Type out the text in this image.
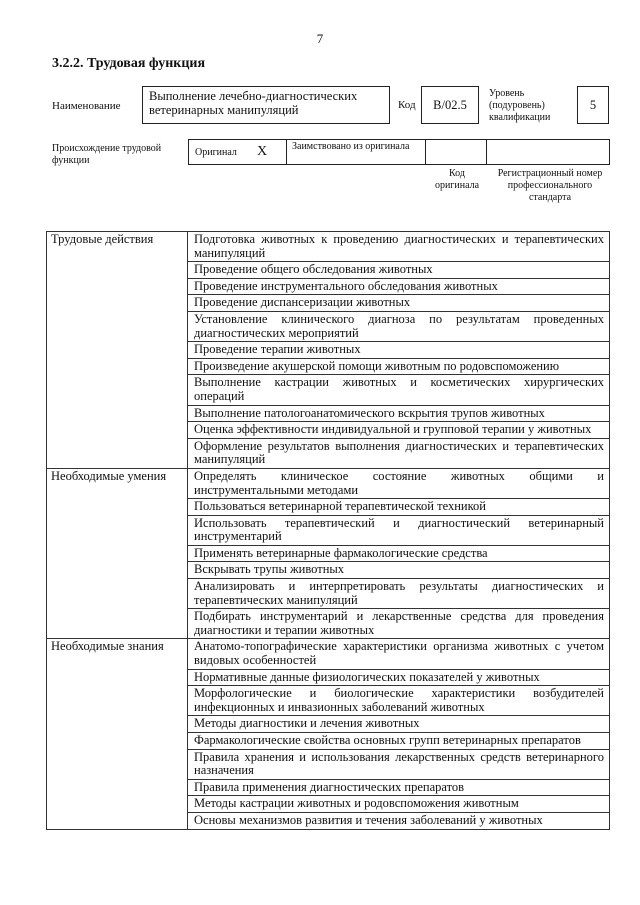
7
3.2.2. Трудовая функция
Наименование
Выполнение лечебно-диагностических ветеринарных манипуляций	Код	B/02.5
Уровень (подуровень) квалификации
5
Происхождение трудовой функции
Оригинал X	Заимствовано из оригинала
Код оригинала
Регистрационный номер профессионального стандарта
Трудовые действия	Подготовка животных к проведению диагностических и терапевтических манипуляций
	Проведение общего обследования животных
	Проведение инструментального обследования животных
	Проведение диспансеризации животных
	Установление клинического диагноза по результатам проведенных диагностических мероприятий
	Проведение терапии животных
	Произведение акушерской помощи животным по родовспоможению
	Выполнение кастрации животных и косметических хирургических операций
	Выполнение патологоанатомического вскрытия трупов животных
	Оценка эффективности индивидуальной и групповой терапии у животных
	Оформление результатов выполнения диагностических и терапевтических манипуляций
Необходимые умения	Определять клиническое состояние животных общими и инструментальными методами
	Пользоваться ветеринарной терапевтической техникой
	Использовать терапевтический и диагностический ветеринарный инструментарий
	Применять ветеринарные фармакологические средства
	Вскрывать трупы животных
	Анализировать и интерпретировать результаты диагностических и терапевтических манипуляций
	Подбирать инструментарий и лекарственные средства для проведения диагностики и терапии животных
Необходимые знания	Анатомо-топографические характеристики организма животных с учетом видовых особенностей
	Нормативные данные физиологических показателей у животных
	Морфологические и биологические характеристики возбудителей инфекционных и инвазионных заболеваний животных
	Методы диагностики и лечения животных
	Фармакологические свойства основных групп ветеринарных препаратов
	Правила хранения и использования лекарственных средств ветеринарного назначения
	Правила применения диагностических препаратов
	Методы кастрации животных и родовспоможения животным
	Основы механизмов развития и течения заболеваний у животных
